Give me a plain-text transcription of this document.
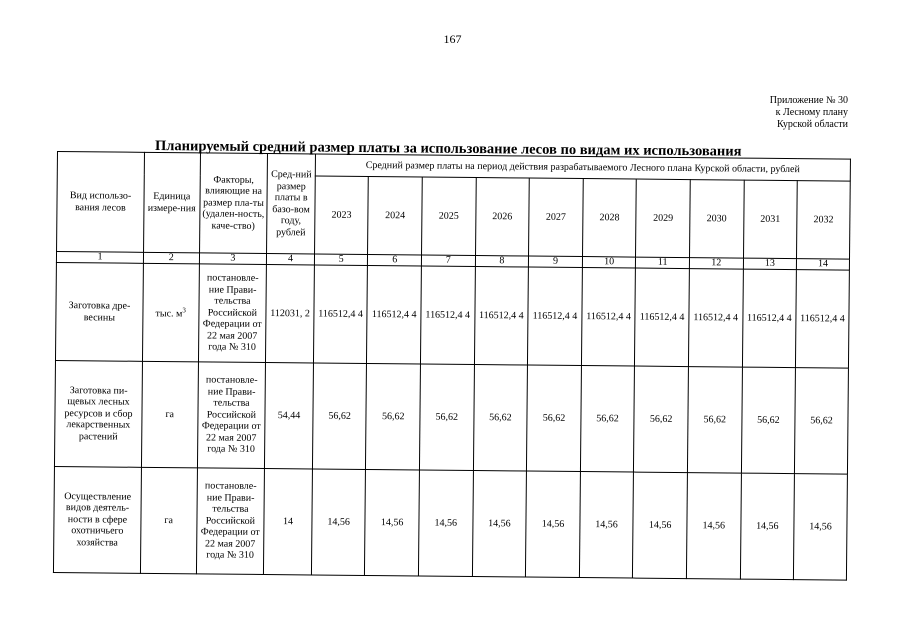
167
Приложение № 30
к Лесному плану
Курской области
Планируемый средний размер платы за использование лесов по видам их использования
Вид использо-вания лесов	Единица измере-ния	Факторы, влияющие на размер пла-ты (удален-ность, каче-ство)	Сред-ний размер платы в базо-вом году, рублей	Средний размер платы на период действия разрабатываемого Лесного плана Курской области, рублей									
				2023	2024	2025	2026	2027	2028	2029	2030	2031	2032
1	2	3	4	5	6	7	8	9	10	11	12	13	14
Заготовка дре-весины	тыс. $м^3$	постановле-ние Прави-тельства Российской Федерации от 22 мая 2007 года № 310	112031, 2	116512,4 4	116512,4 4	116512,4 4	116512,4 4	116512,4 4	116512,4 4	116512,4 4	116512,4 4	116512,4 4	116512,4 4
Заготовка пи-щевых лесных ресурсов и сбор лекарственных растений	га	постановле-ние Прави-тельства Российской Федерации от 22 мая 2007 года № 310	54,44	56,62	56,62	56,62	56,62	56,62	56,62	56,62	56,62	56,62	56,62
Осуществление видов деятель-ности в сфере охотничьего хозяйства	га	постановле-ние Прави-тельства Российской Федерации от 22 мая 2007 года № 310	14	14,56	14,56	14,56	14,56	14,56	14,56	14,56	14,56	14,56	14,56
